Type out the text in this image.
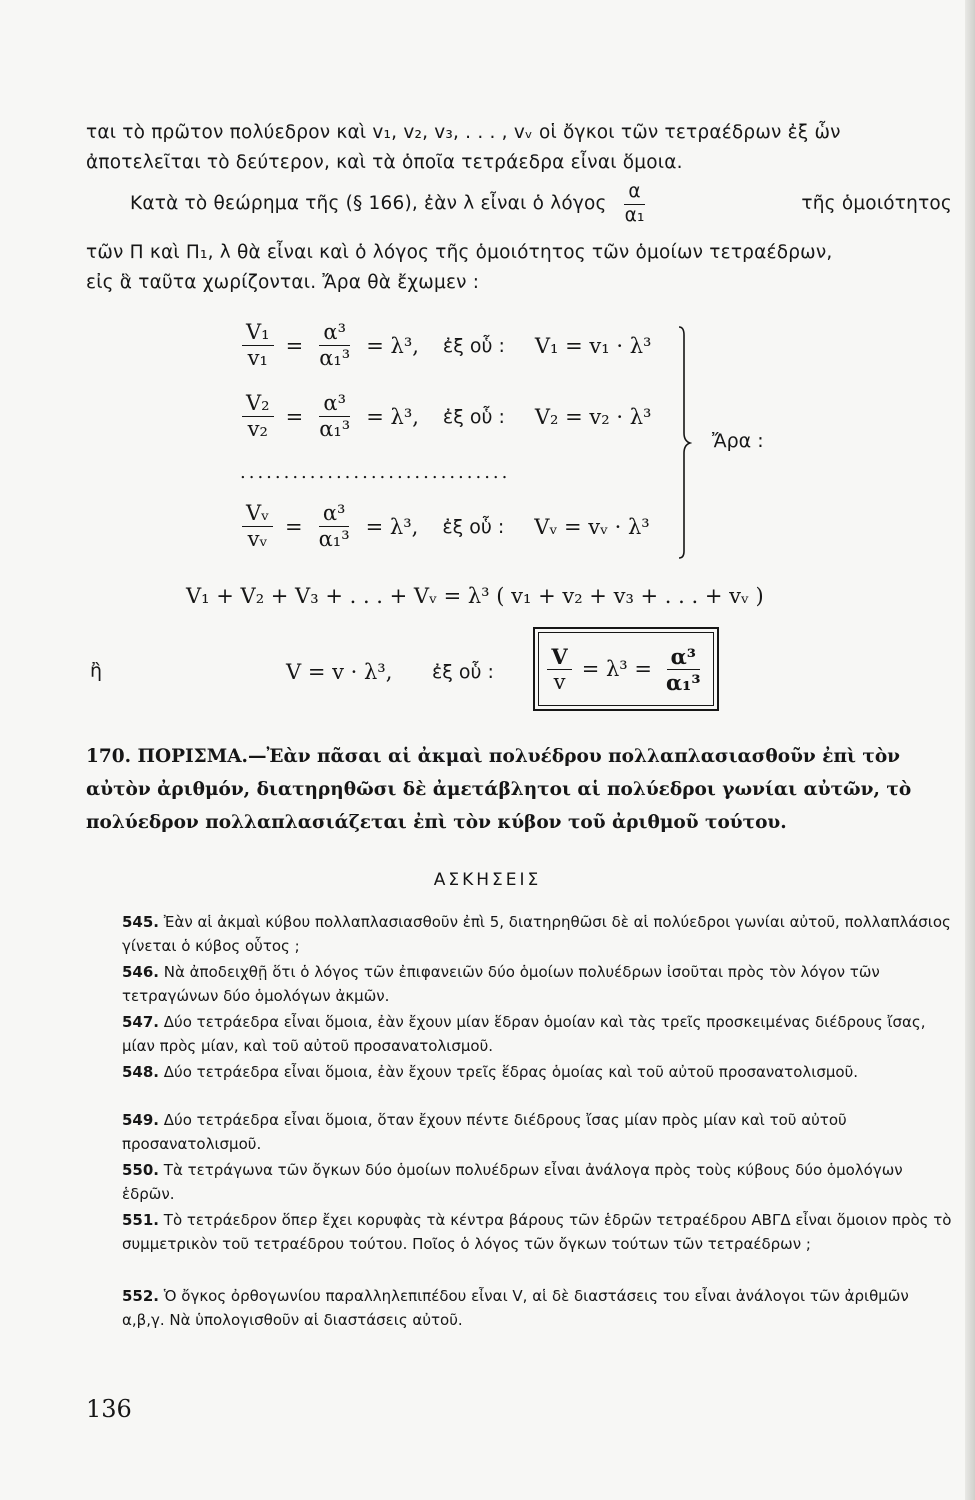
ται τὸ πρῶτον πολύεδρον καὶ v₁, v₂, v₃, . . . , vᵥ οἱ ὄγκοι τῶν τετραέδρων ἐξ ὧν
ἀποτελεῖται τὸ δεύτερον, καὶ τὰ ὁποῖα τετράεδρα εἶναι ὅμοια.
Κατὰ τὸ θεώρημα τῆς (§ 166), ἐὰν λ εἶναι ὁ λόγος $\frac{\alpha}{\text{α₁}}$	τῆς ὁμοιότητος
τῶν Π καὶ Π₁, λ θὰ εἶναι καὶ ὁ λόγος τῆς ὁμοιότητος τῶν ὁμοίων τετραέδρων,
εἰς ἃ ταῦτα χωρίζονται. Ἄρα θὰ ἔχωμεν :
$\frac{\text{V₁}}{\text{v₁}} = \frac{\text{α³}}{\text{α₁³}} = \lambda^3$, ἐξ οὗ : V₁ = v₁ · λ³
$\frac{\text{V₂}}{\text{v₂}} = \frac{\text{α³}}{\text{α₁³}} = \lambda^3$, ἐξ οὗ : V₂ = v₂ · λ³
...............................
$\frac{\text{Vᵥ}}{\text{vᵥ}} = \frac{\text{α³}}{\text{α₁³}} = \lambda^3$, ἐξ οὗ : Vᵥ = vᵥ · λ³
Ἄρα :
V₁ + V₂ + V₃ + . . . + Vᵥ = λ³ ( v₁ + v₂ + v₃ + . . . + vᵥ )
ἢ	V = v · λ³, ἐξ οὗ :	$\frac{V}{v} = \lambda^3 = \frac{\text{α³}}{\text{α₁³}}$
170. ΠΟΡΙΣΜΑ.—Ἐὰν πᾶσαι αἱ ἀκμαὶ πολυέδρου πολλαπλασιασθοῦν ἐπὶ τὸν αὐτὸν ἀριθμόν, διατηρηθῶσι δὲ ἀμετάβλητοι αἱ πολύεδροι γωνίαι αὐτῶν, τὸ πολύεδρον πολλαπλασιάζεται ἐπὶ τὸν κύβον τοῦ ἀριθμοῦ τούτου.
ΑΣΚΗΣΕΙΣ
545. Ἐὰν αἱ ἀκμαὶ κύβου πολλαπλασιασθοῦν ἐπὶ 5, διατηρηθῶσι δὲ αἱ πολύεδροι γωνίαι αὐτοῦ, πολλαπλάσιος γίνεται ὁ κύβος οὗτος ;
546. Νὰ ἀποδειχθῇ ὅτι ὁ λόγος τῶν ἐπιφανειῶν δύο ὁμοίων πολυέδρων ἰσοῦται πρὸς τὸν λόγον τῶν τετραγώνων δύο ὁμολόγων ἀκμῶν.
547. Δύο τετράεδρα εἶναι ὅμοια, ἐὰν ἔχουν μίαν ἕδραν ὁμοίαν καὶ τὰς τρεῖς προσκειμένας διέδρους ἴσας, μίαν πρὸς μίαν, καὶ τοῦ αὐτοῦ προσανατολισμοῦ.
548. Δύο τετράεδρα εἶναι ὅμοια, ἐὰν ἔχουν τρεῖς ἕδρας ὁμοίας καὶ τοῦ αὐτοῦ προσανατολισμοῦ.
549. Δύο τετράεδρα εἶναι ὅμοια, ὅταν ἔχουν πέντε διέδρους ἴσας μίαν πρὸς μίαν καὶ τοῦ αὐτοῦ προσανατολισμοῦ.
550. Τὰ τετράγωνα τῶν ὄγκων δύο ὁμοίων πολυέδρων εἶναι ἀνάλογα πρὸς τοὺς κύβους δύο ὁμολόγων ἑδρῶν.
551. Τὸ τετράεδρον ὅπερ ἔχει κορυφὰς τὰ κέντρα βάρους τῶν ἑδρῶν τετραέδρου ΑΒΓΔ εἶναι ὅμοιον πρὸς τὸ συμμετρικὸν τοῦ τετραέδρου τούτου. Ποῖος ὁ λόγος τῶν ὄγκων τούτων τῶν τετραέδρων ;
552. Ὁ ὄγκος ὀρθογωνίου παραλληλεπιπέδου εἶναι V, αἱ δὲ διαστάσεις του εἶναι ἀνάλογοι τῶν ἀριθμῶν α,β,γ. Νὰ ὑπολογισθοῦν αἱ διαστάσεις αὐτοῦ.
136
